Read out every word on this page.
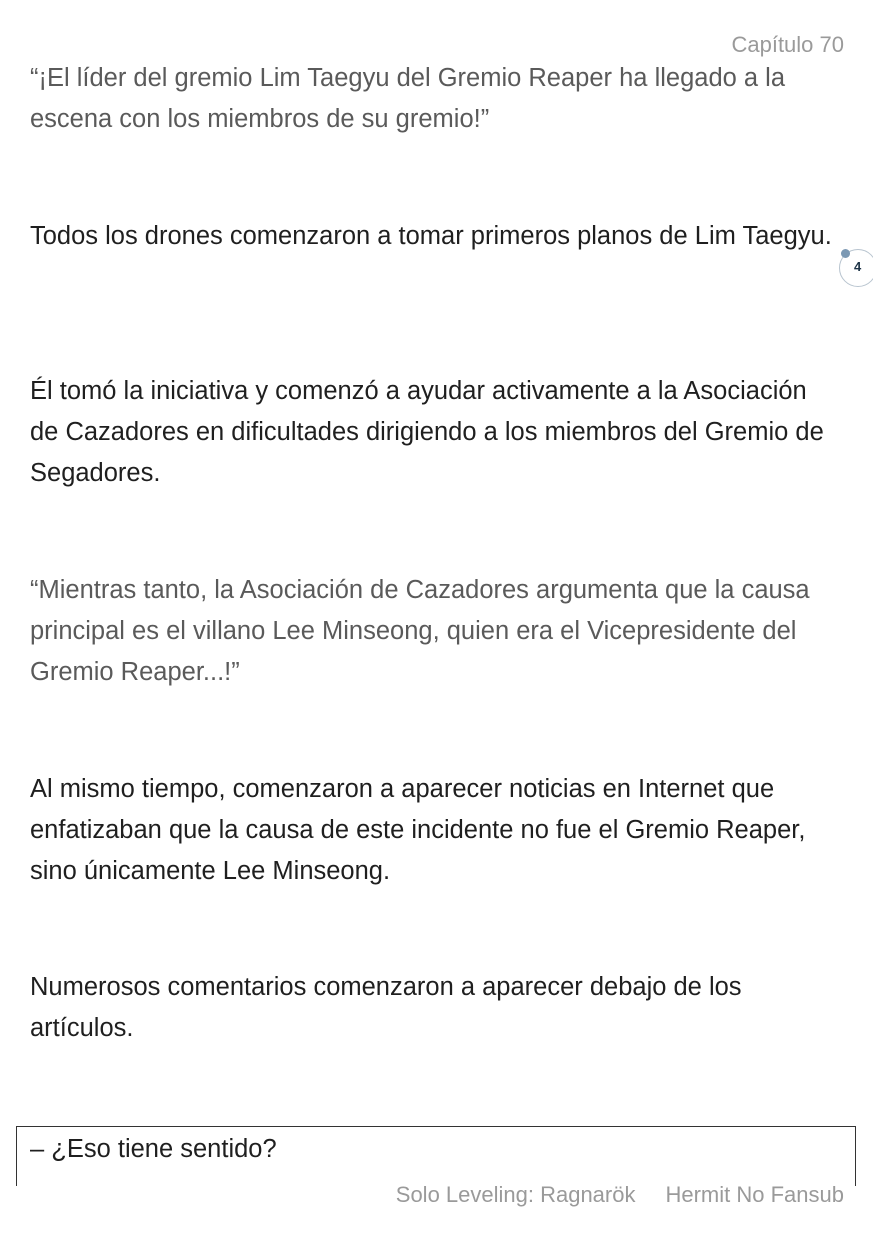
Capítulo 70

“¡El líder del gremio Lim Taegyu del Gremio Reaper ha llegado a la escena con los miembros de su gremio!”

Todos los drones comenzaron a tomar primeros planos de Lim Taegyu.

Él tomó la iniciativa y comenzó a ayudar activamente a la Asociación de Cazadores en dificultades dirigiendo a los miembros del Gremio de Segadores.

“Mientras tanto, la Asociación de Cazadores argumenta que la causa principal es el villano Lee Minseong, quien era el Vicepresidente del Gremio Reaper...!”

Al mismo tiempo, comenzaron a aparecer noticias en Internet que enfatizaban que la causa de este incidente no fue el Gremio Reaper, sino únicamente Lee Minseong.

Numerosos comentarios comenzaron a aparecer debajo de los artículos.

4
– ¿Eso tiene sentido?
Solo Leveling: Ragnarök Hermit No Fansub
